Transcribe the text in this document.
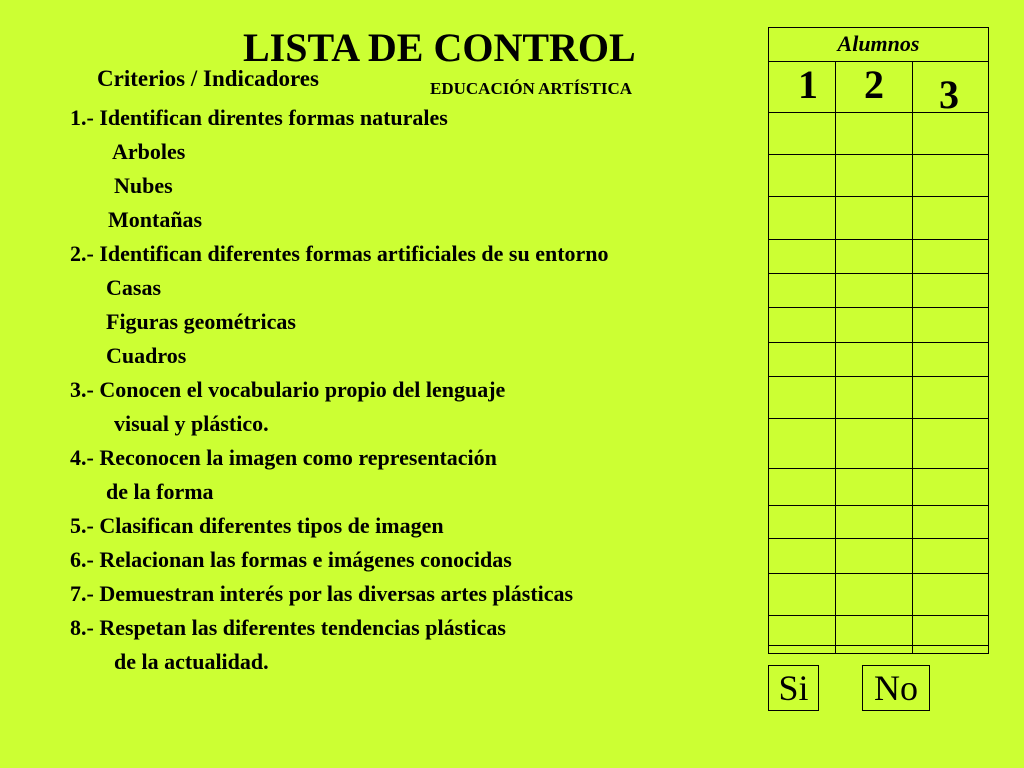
LISTA DE CONTROL
Criterios / Indicadores	EDUCACIÓN ARTÍSTICA
1.- Identifican direntes formas naturales
Arboles
Nubes
Montañas
2.- Identifican diferentes formas artificiales de su entorno
Casas
Figuras geométricas
Cuadros
3.- Conocen el vocabulario propio del lenguaje
visual y plástico.
4.- Reconocen la imagen como representación
de la forma
5.- Clasifican diferentes tipos de imagen
6.- Relacionan las formas e imágenes conocidas
7.- Demuestran interés por las diversas artes plásticas
8.- Respetan las diferentes tendencias plásticas
de la actualidad.
Alumnos
1 2 3
Si	No
